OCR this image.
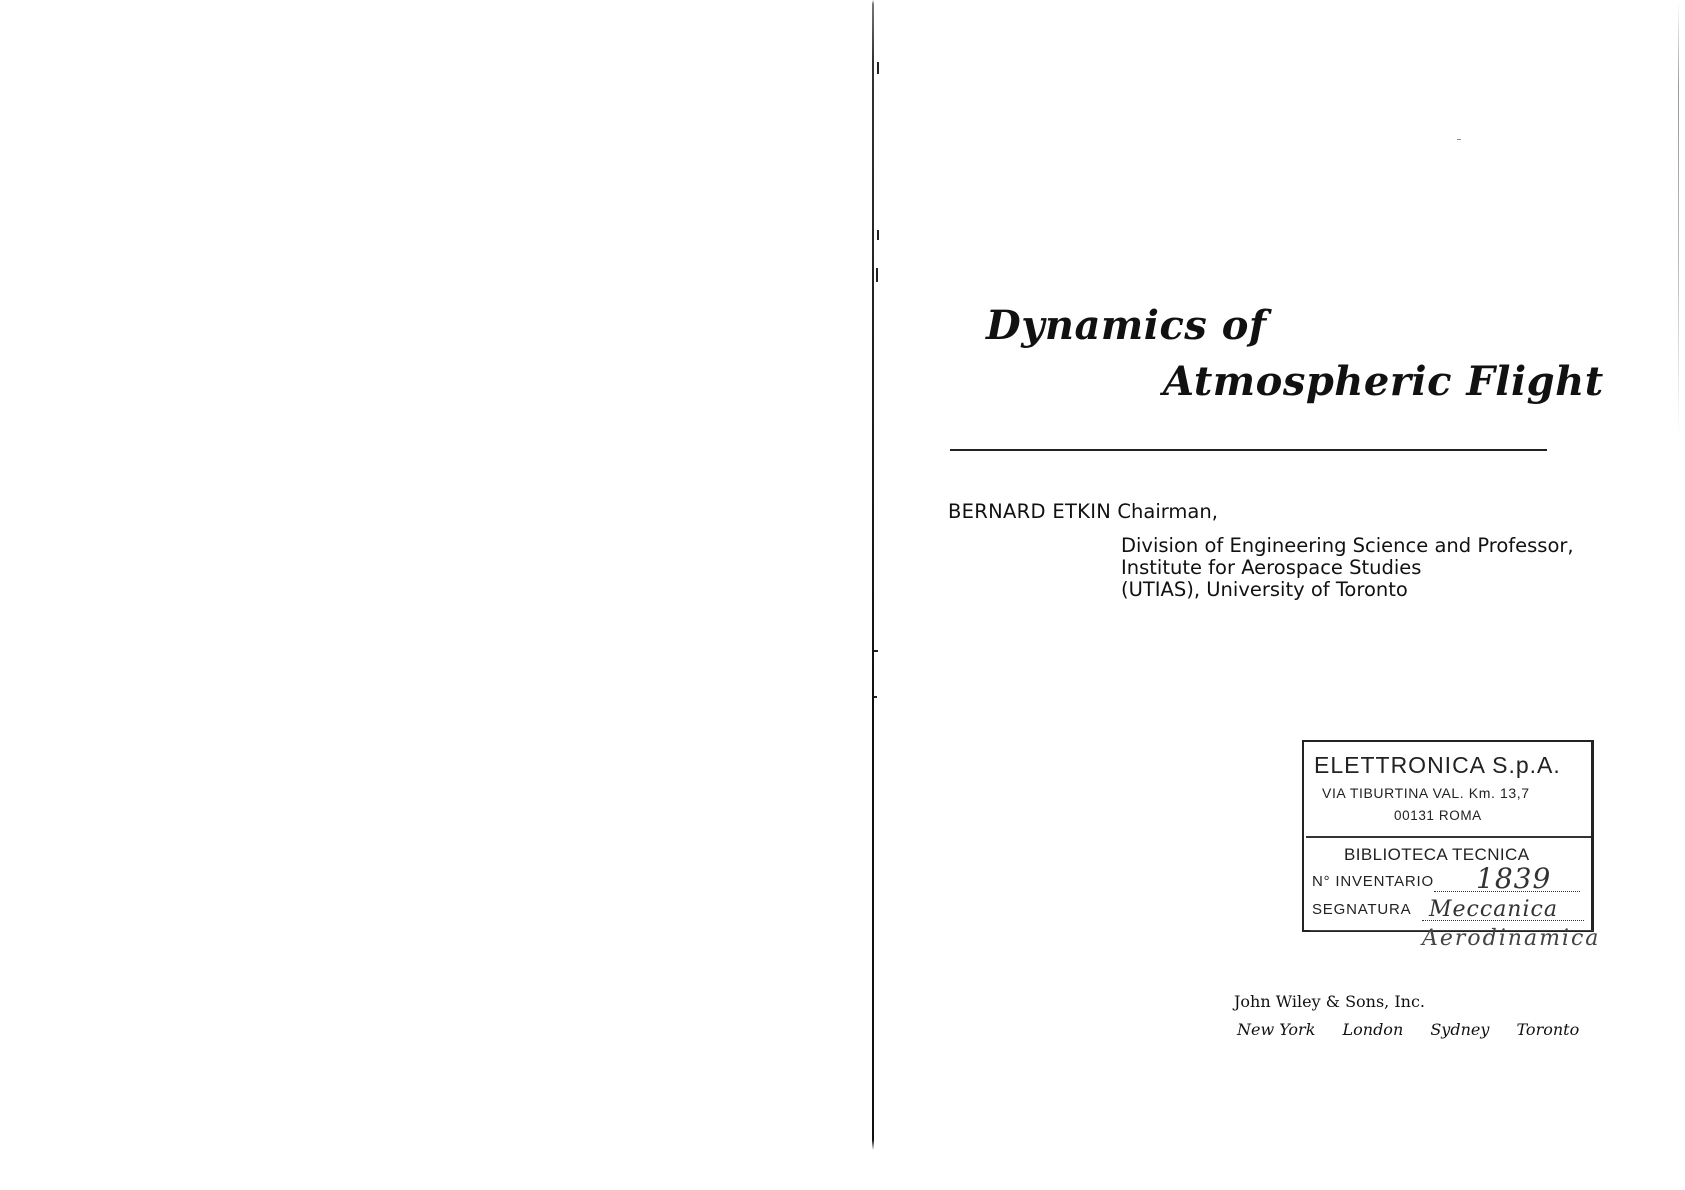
Dynamics of
Atmospheric Flight
BERNARD ETKIN Chairman,
Division of Engineering Science and Professor,
Institute for Aerospace Studies
(UTIAS), University of Toronto
ELETTRONICA S.p.A.
VIA TIBURTINA VAL. Km. 13,7
00131 ROMA
BIBLIOTECA TECNICA
N° INVENTARIO 1839
SEGNATURA Meccanica
Aerodinamica
John Wiley & Sons, Inc.
New York London Sydney Toronto
